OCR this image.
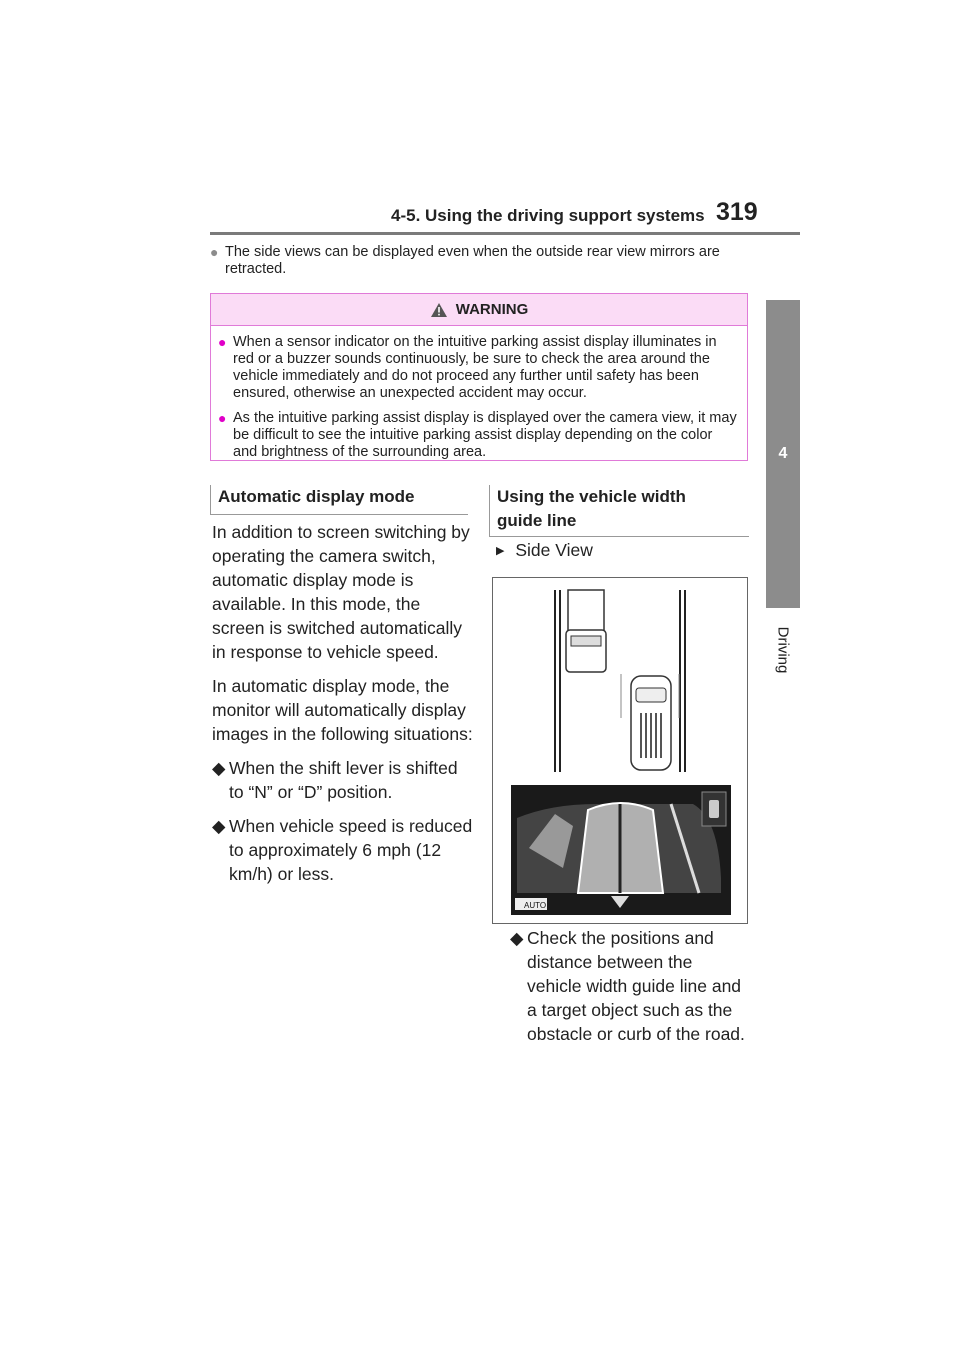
4-5. Using the driving support systems 319
4
Driving
● The side views can be displayed even when the outside rear view mirrors are retracted.
WARNING
● When a sensor indicator on the intuitive parking assist display illuminates in red or a buzzer sounds continuously, be sure to check the area around the vehicle immediately and do not proceed any further until safety has been ensured, otherwise an unexpected accident may occur.
● As the intuitive parking assist display is displayed over the camera view, it may be difficult to see the intuitive parking assist display depending on the color and brightness of the surrounding area.
Automatic display mode

In addition to screen switching by operating the camera switch, automatic display mode is available. In this mode, the screen is switched automatically in response to vehicle speed.

In automatic display mode, the monitor will automatically display images in the following situations:

◆ When the shift lever is shifted to “N” or “D” position.
◆ When vehicle speed is reduced to approximately 6 mph (12 km/h) or less.
Using the vehicle width guide line
▶ Side View
AUTO
◆ Check the positions and distance between the vehicle width guide line and a target object such as the obstacle or curb of the road.
